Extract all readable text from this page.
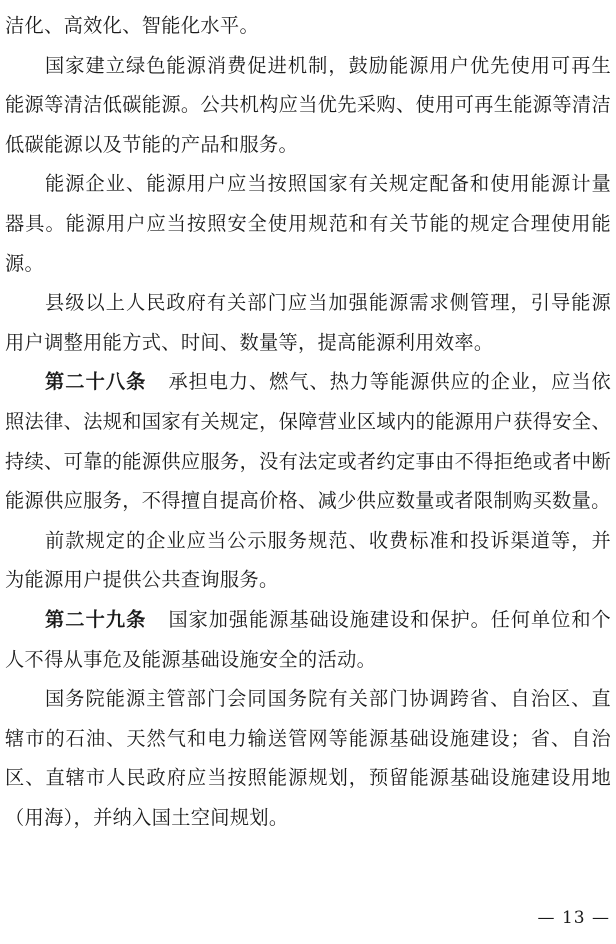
洁化、高效化、智能化水平。

国家建立绿色能源消费促进机制，鼓励能源用户优先使用可再生能源等清洁低碳能源。公共机构应当优先采购、使用可再生能源等清洁低碳能源以及节能的产品和服务。

能源企业、能源用户应当按照国家有关规定配备和使用能源计量器具。能源用户应当按照安全使用规范和有关节能的规定合理使用能源。

县级以上人民政府有关部门应当加强能源需求侧管理，引导能源用户调整用能方式、时间、数量等，提高能源利用效率。

第二十八条 承担电力、燃气、热力等能源供应的企业，应当依照法律、法规和国家有关规定，保障营业区域内的能源用户获得安全、持续、可靠的能源供应服务，没有法定或者约定事由不得拒绝或者中断能源供应服务，不得擅自提高价格、减少供应数量或者限制购买数量。

前款规定的企业应当公示服务规范、收费标准和投诉渠道等，并为能源用户提供公共查询服务。

第二十九条 国家加强能源基础设施建设和保护。任何单位和个人不得从事危及能源基础设施安全的活动。

国务院能源主管部门会同国务院有关部门协调跨省、自治区、直辖市的石油、天然气和电力输送管网等能源基础设施建设；省、自治区、直辖市人民政府应当按照能源规划，预留能源基础设施建设用地（用海），并纳入国土空间规划。

— 13 —
